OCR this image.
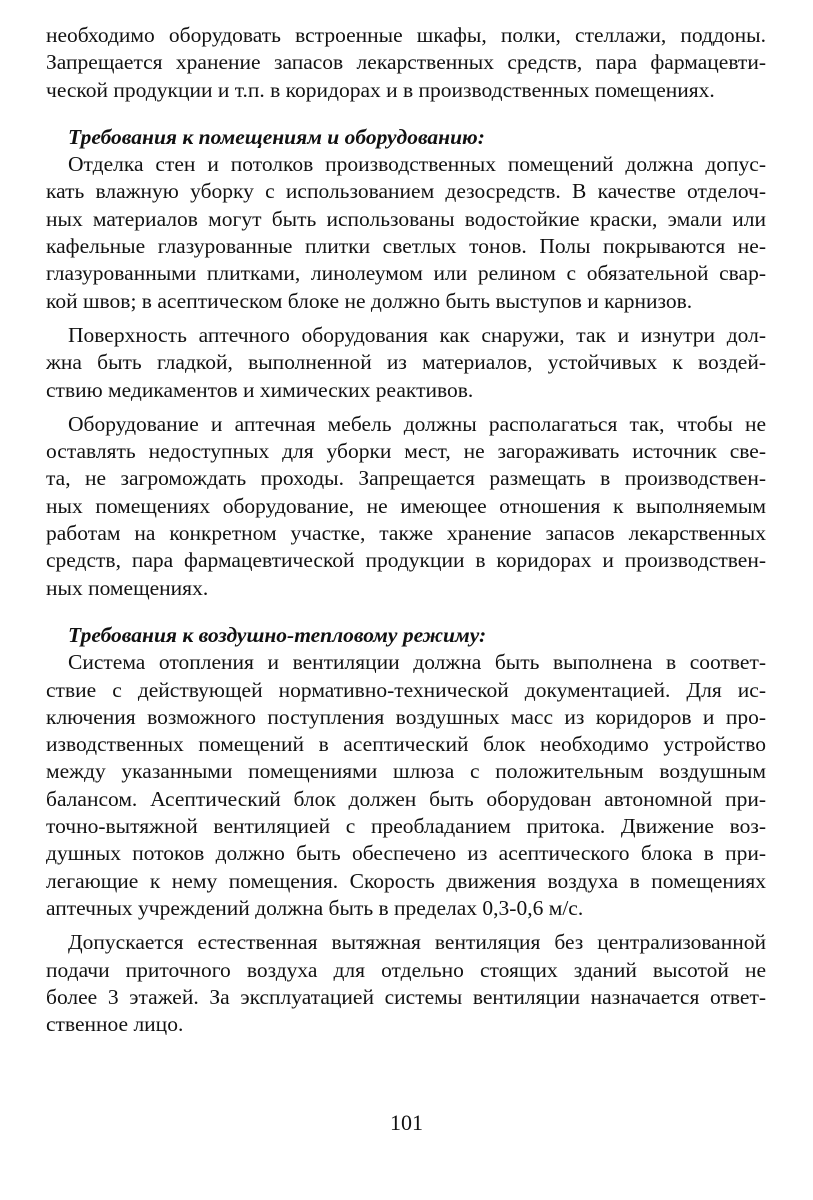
необходимо оборудовать встроенные шкафы, полки, стеллажи, поддоны.
Запрещается хранение запасов лекарственных средств, пара фармацевти-
ческой продукции и т.п. в коридорах и в производственных помещениях.
Требования к помещениям и оборудованию:
Отделка стен и потолков производственных помещений должна допус-
кать влажную уборку с использованием дезосредств. В качестве отделоч-
ных материалов могут быть использованы водостойкие краски, эмали или
кафельные глазурованные плитки светлых тонов. Полы покрываются не-
глазурованными плитками, линолеумом или релином с обязательной свар-
кой швов; в асептическом блоке не должно быть выступов и карнизов.
Поверхность аптечного оборудования как снаружи, так и изнутри дол-
жна быть гладкой, выполненной из материалов, устойчивых к воздей-
ствию медикаментов и химических реактивов.
Оборудование и аптечная мебель должны располагаться так, чтобы не
оставлять недоступных для уборки мест, не загораживать источник све-
та, не загромождать проходы. Запрещается размещать в производствен-
ных помещениях оборудование, не имеющее отношения к выполняемым
работам на конкретном участке, также хранение запасов лекарственных
средств, пара фармацевтической продукции в коридорах и производствен-
ных помещениях.
Требования к воздушно-тепловому режиму:
Система отопления и вентиляции должна быть выполнена в соответ-
ствие с действующей нормативно-технической документацией. Для ис-
ключения возможного поступления воздушных масс из коридоров и про-
изводственных помещений в асептический блок необходимо устройство
между указанными помещениями шлюза с положительным воздушным
балансом. Асептический блок должен быть оборудован автономной при-
точно-вытяжной вентиляцией с преобладанием притока. Движение воз-
душных потоков должно быть обеспечено из асептического блока в при-
легающие к нему помещения. Скорость движения воздуха в помещениях
аптечных учреждений должна быть в пределах 0,3-0,6 м/с.
Допускается естественная вытяжная вентиляция без централизованной
подачи приточного воздуха для отдельно стоящих зданий высотой не
более 3 этажей. За эксплуатацией системы вентиляции назначается ответ-
ственное лицо.
101
